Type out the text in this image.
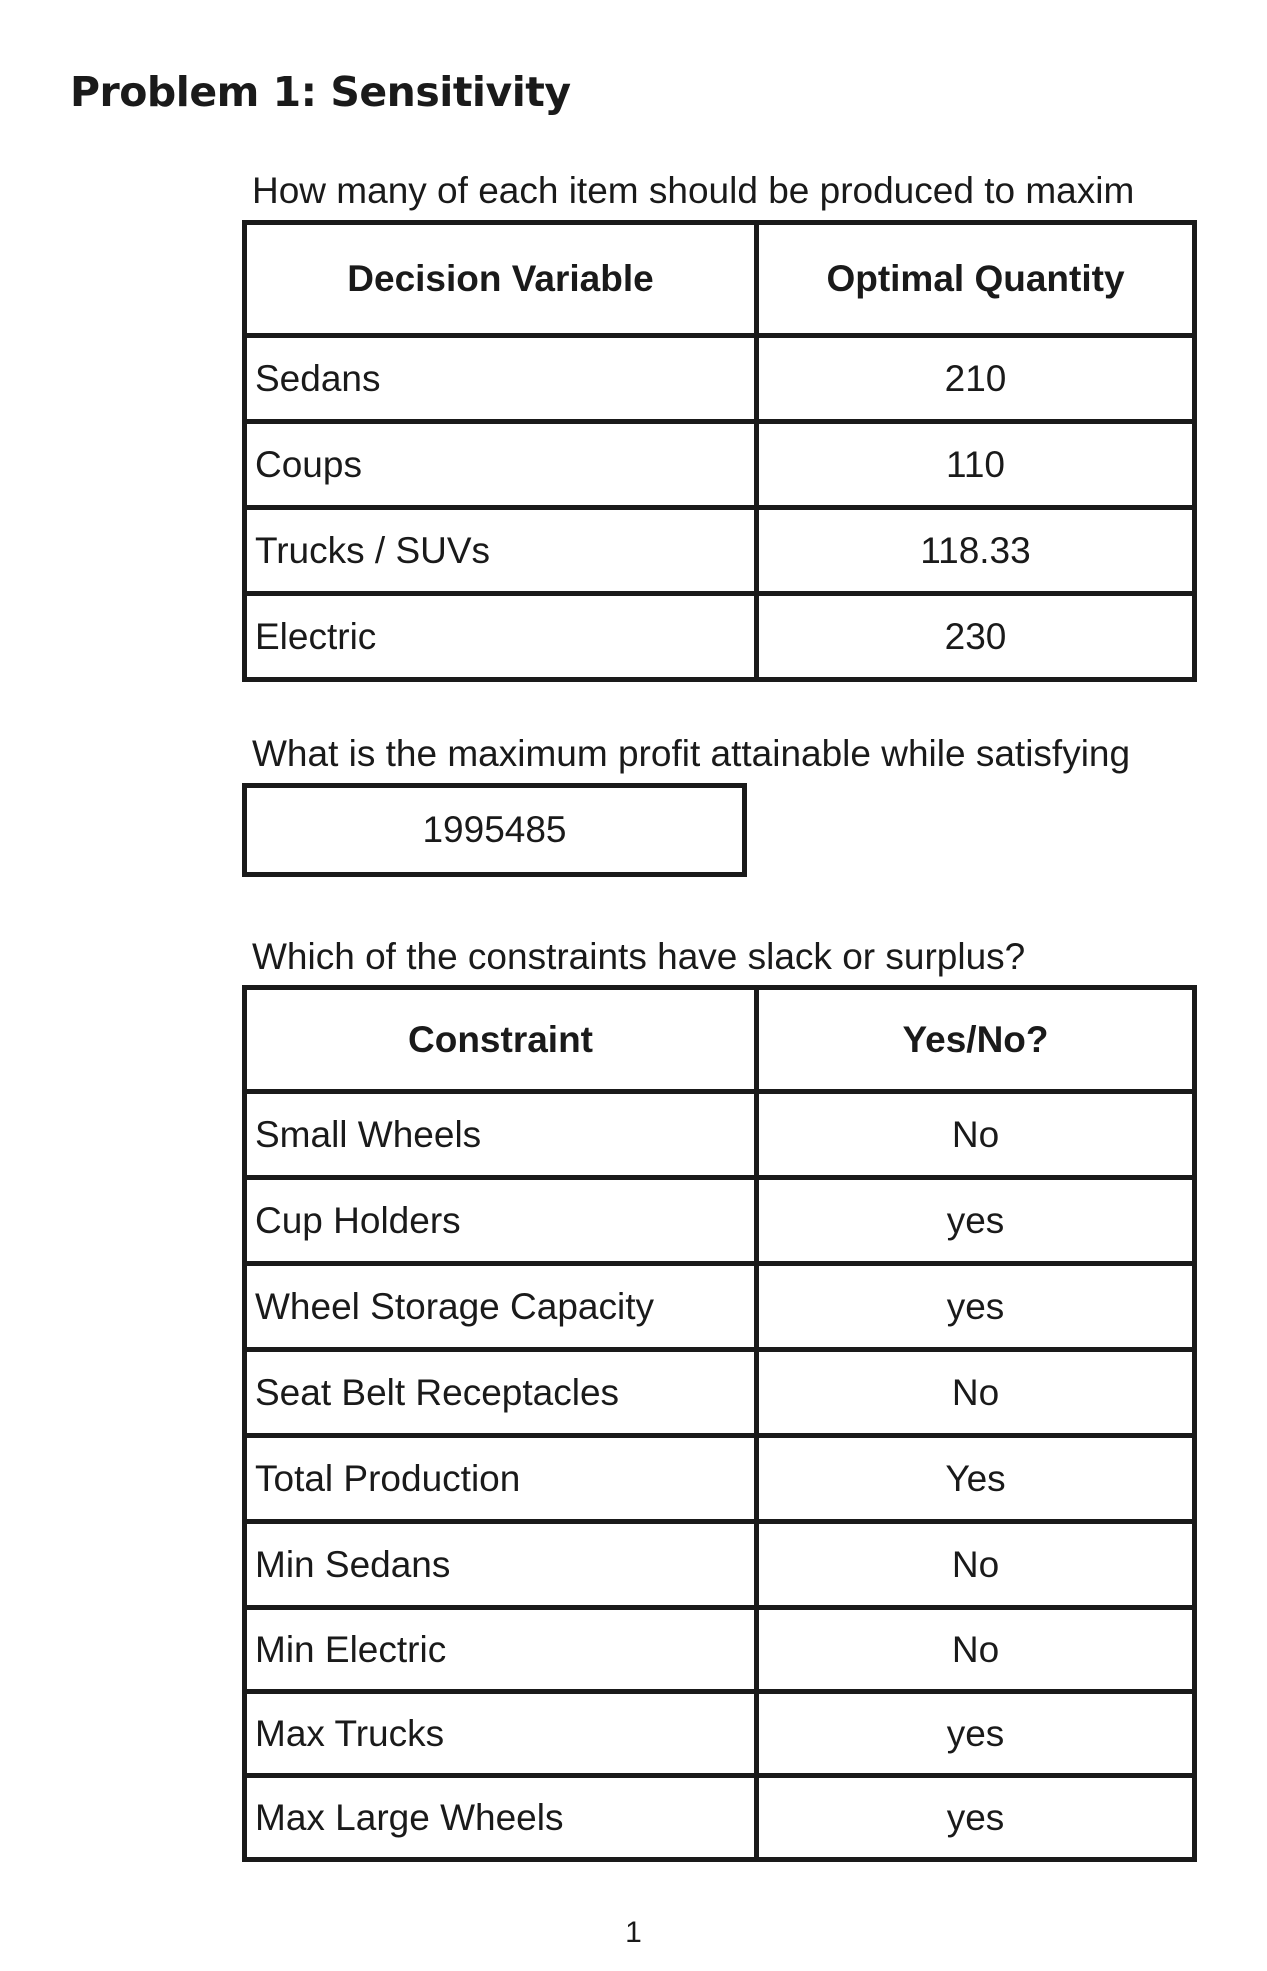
Problem 1: Sensitivity

How many of each item should be produced to maxim

Decision Variable	Optimal Quantity
Sedans	210
Coups	110
Trucks / SUVs	118.33
Electric	230

What is the maximum profit attainable while satisfying

1995485

Which of the constraints have slack or surplus?

Constraint	Yes/No?
Small Wheels	No
Cup Holders	yes
Wheel Storage Capacity	yes
Seat Belt Receptacles	No
Total Production	Yes
Min Sedans	No
Min Electric	No
Max Trucks	yes
Max Large Wheels	yes
1
